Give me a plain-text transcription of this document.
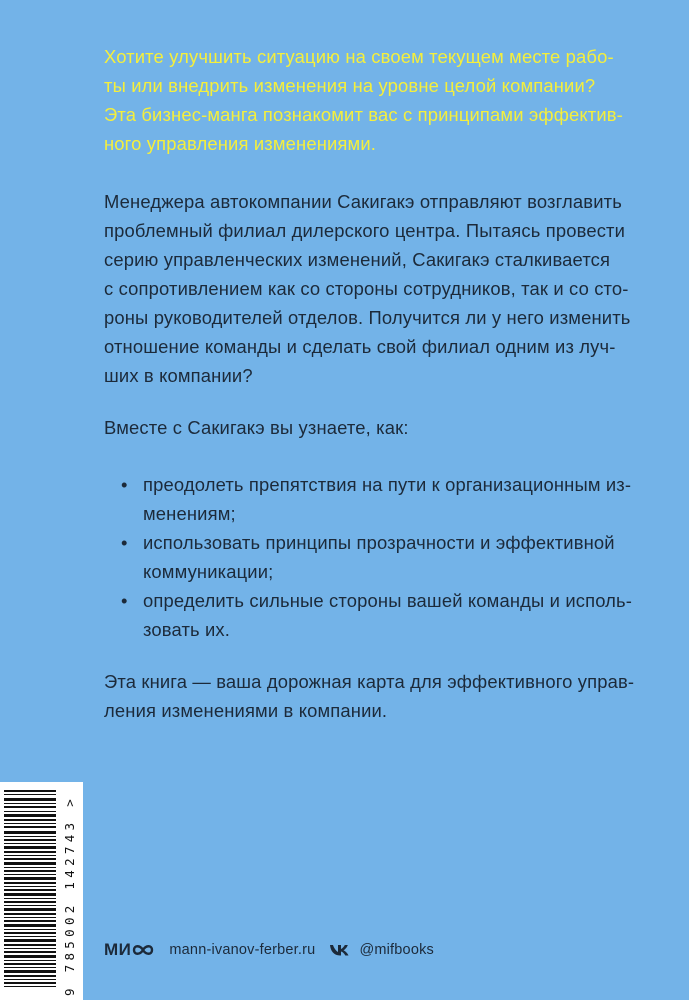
Хотите улучшить ситуацию на своем текущем месте рабо-
ты или внедрить изменения на уровне целой компании?
Эта бизнес-манга познакомит вас с принципами эффектив-
ного управления изменениями.
Менеджера автокомпании Сакигакэ отправляют возглавить
проблемный филиал дилерского центра. Пытаясь провести
серию управленческих изменений, Сакигакэ сталкивается
с сопротивлением как со стороны сотрудников, так и со сто-
роны руководителей отделов. Получится ли у него изменить
отношение команды и сделать свой филиал одним из луч-
ших в компании?
Вместе с Сакигакэ вы узнаете, как:
• преодолеть препятствия на пути к организационным из-
менениям;
• использовать принципы прозрачности и эффективной
коммуникации;
• определить сильные стороны вашей команды и исполь-
зовать их.
Эта книга — ваша дорожная карта для эффективного управ-
ления изменениями в компании.
9 785002 142743 > МИ	mann-ivanov-ferber.ru	@mifbooks
